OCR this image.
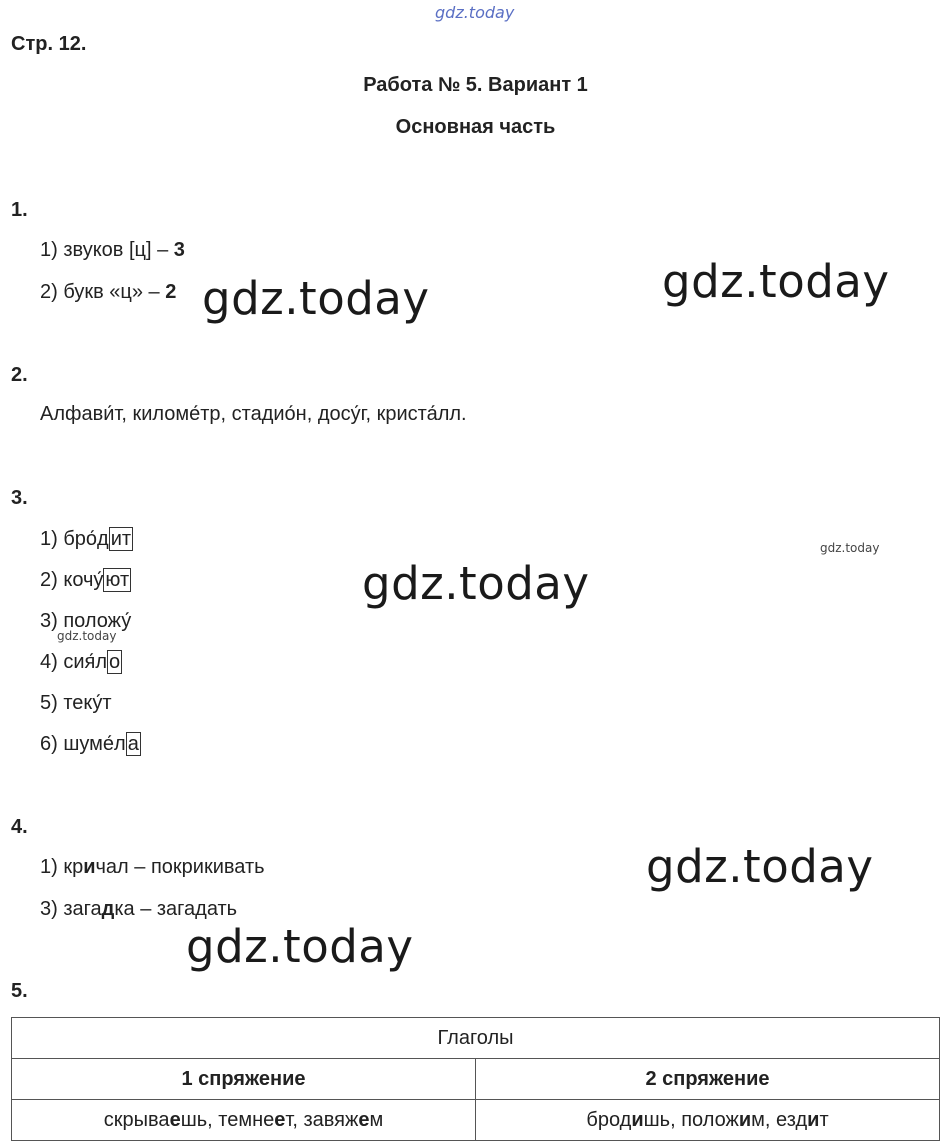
gdz.today
Стр. 12.
Работа № 5. Вариант 1
Основная часть
1.
1) звуков [ц] – 3
2) букв «ц» – 2
2.
Алфави́т, киломе́тр, стадио́н, досу́г, криста́лл.
3.
1) бро́д ит
2) кочу́ ют
3) положу́
4) сия́л о
5) теку́т
6) шуме́л а
4.
1) кричал – покрикивать
3) загадка – загадать
5.
Глаголы	
1 спряжение	2 спряжение
скрываешь, темнеет, завяжем	бродишь, положим, ездит
gdz.today
gdz.today
gdz.today
gdz.today
gdz.today
gdz.today
gdz.today
